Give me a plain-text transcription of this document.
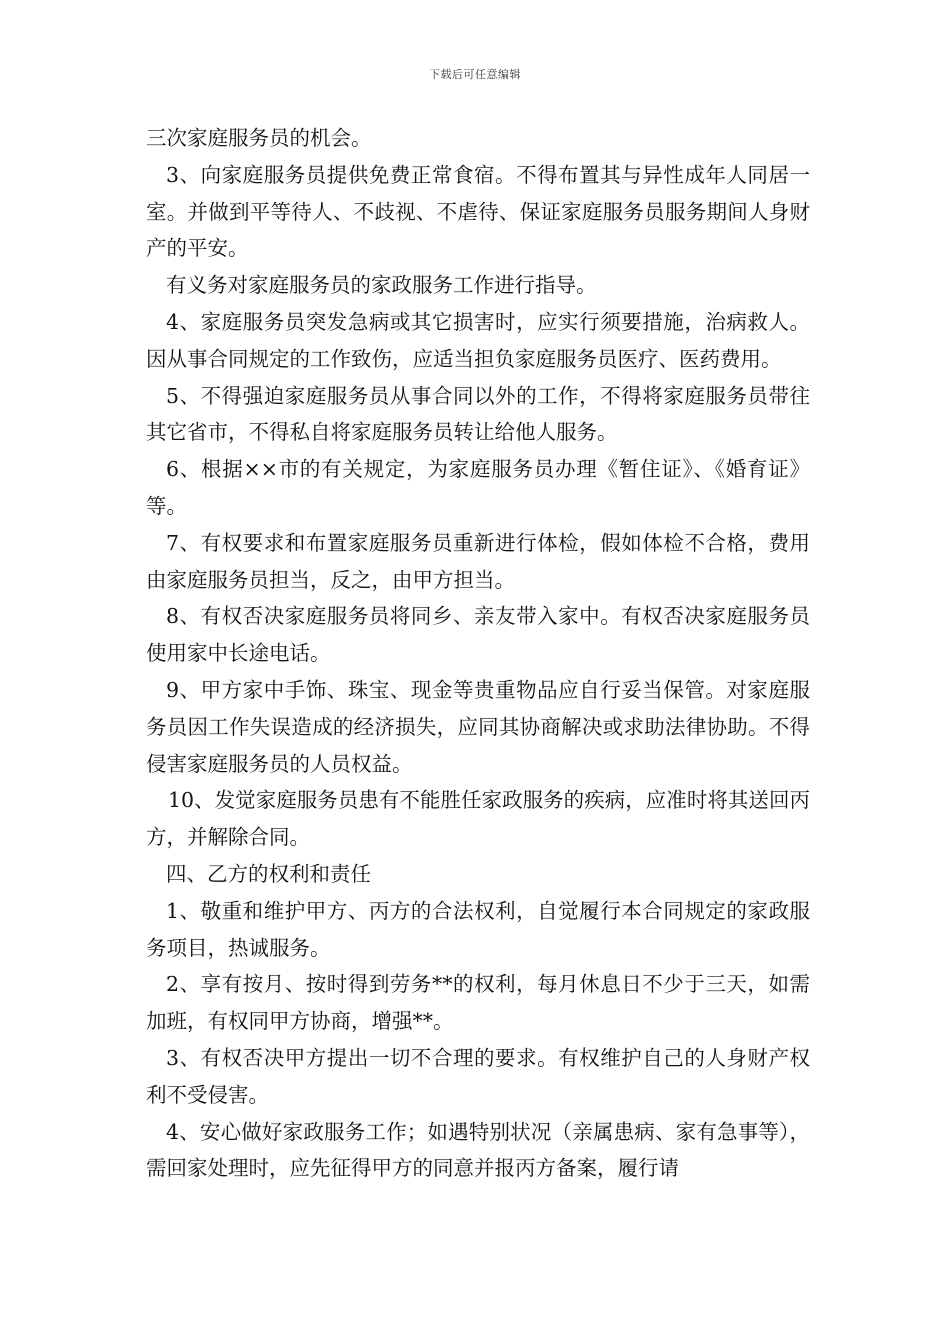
下载后可任意编辑

三次家庭服务员的机会。

3、向家庭服务员提供免费正常食宿。不得布置其与异性成年人同居一室。并做到平等待人、不歧视、不虐待、保证家庭服务员服务期间人身财产的平安。

有义务对家庭服务员的家政服务工作进行指导。

4、家庭服务员突发急病或其它损害时，应实行须要措施，治病救人。因从事合同规定的工作致伤，应适当担负家庭服务员医疗、医药费用。

5、不得强迫家庭服务员从事合同以外的工作，不得将家庭服务员带往其它省市，不得私自将家庭服务员转让给他人服务。

6、根据××市的有关规定，为家庭服务员办理《暂住证》、《婚育证》等。

7、有权要求和布置家庭服务员重新进行体检，假如体检不合格，费用由家庭服务员担当，反之，由甲方担当。

8、有权否决家庭服务员将同乡、亲友带入家中。有权否决家庭服务员使用家中长途电话。

9、甲方家中手饰、珠宝、现金等贵重物品应自行妥当保管。对家庭服务员因工作失误造成的经济损失，应同其协商解决或求助法律协助。不得侵害家庭服务员的人员权益。

10、发觉家庭服务员患有不能胜任家政服务的疾病，应准时将其送回丙方，并解除合同。

四、乙方的权利和责任

1、敬重和维护甲方、丙方的合法权利，自觉履行本合同规定的家政服务项目，热诚服务。

2、享有按月、按时得到劳务**的权利，每月休息日不少于三天，如需加班，有权同甲方协商，增强**。

3、有权否决甲方提出一切不合理的要求。有权维护自己的人身财产权利不受侵害。

4、安心做好家政服务工作；如遇特别状况（亲属患病、家有急事等），需回家处理时，应先征得甲方的同意并报丙方备案，履行请
